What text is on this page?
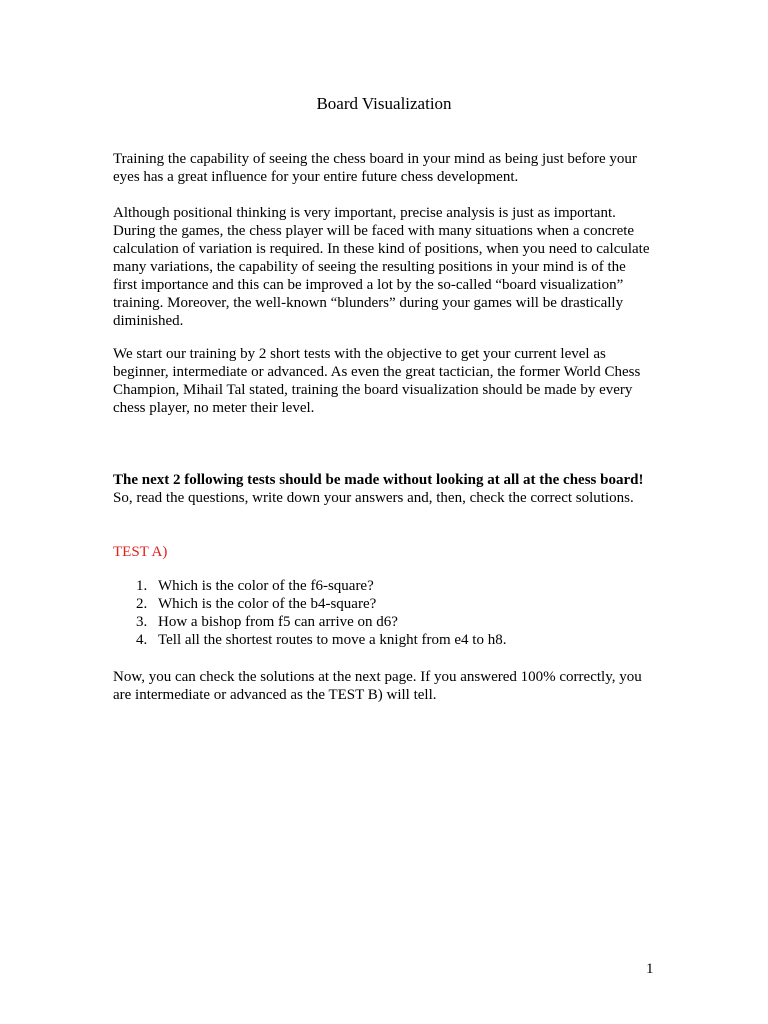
Board Visualization
Training the capability of seeing the chess board in your mind as being just before your
eyes has a great influence for your entire future chess development.
Although positional thinking is very important, precise analysis is just as important.
During the games, the chess player will be faced with many situations when a concrete
calculation of variation is required. In these kind of positions, when you need to calculate
many variations, the capability of seeing the resulting positions in your mind is of the
first importance and this can be improved a lot by the so-called “board visualization”
training. Moreover, the well-known “blunders” during your games will be drastically
diminished.
We start our training by 2 short tests with the objective to get your current level as
beginner, intermediate or advanced. As even the great tactician, the former World Chess
Champion, Mihail Tal stated, training the board visualization should be made by every
chess player, no meter their level.
The next 2 following tests should be made without looking at all at the chess board!
So, read the questions, write down your answers and, then, check the correct solutions.
TEST A)
1. Which is the color of the f6-square?
2. Which is the color of the b4-square?
3. How a bishop from f5 can arrive on d6?
4. Tell all the shortest routes to move a knight from e4 to h8.
Now, you can check the solutions at the next page. If you answered 100% correctly, you
are intermediate or advanced as the TEST B) will tell.
1
